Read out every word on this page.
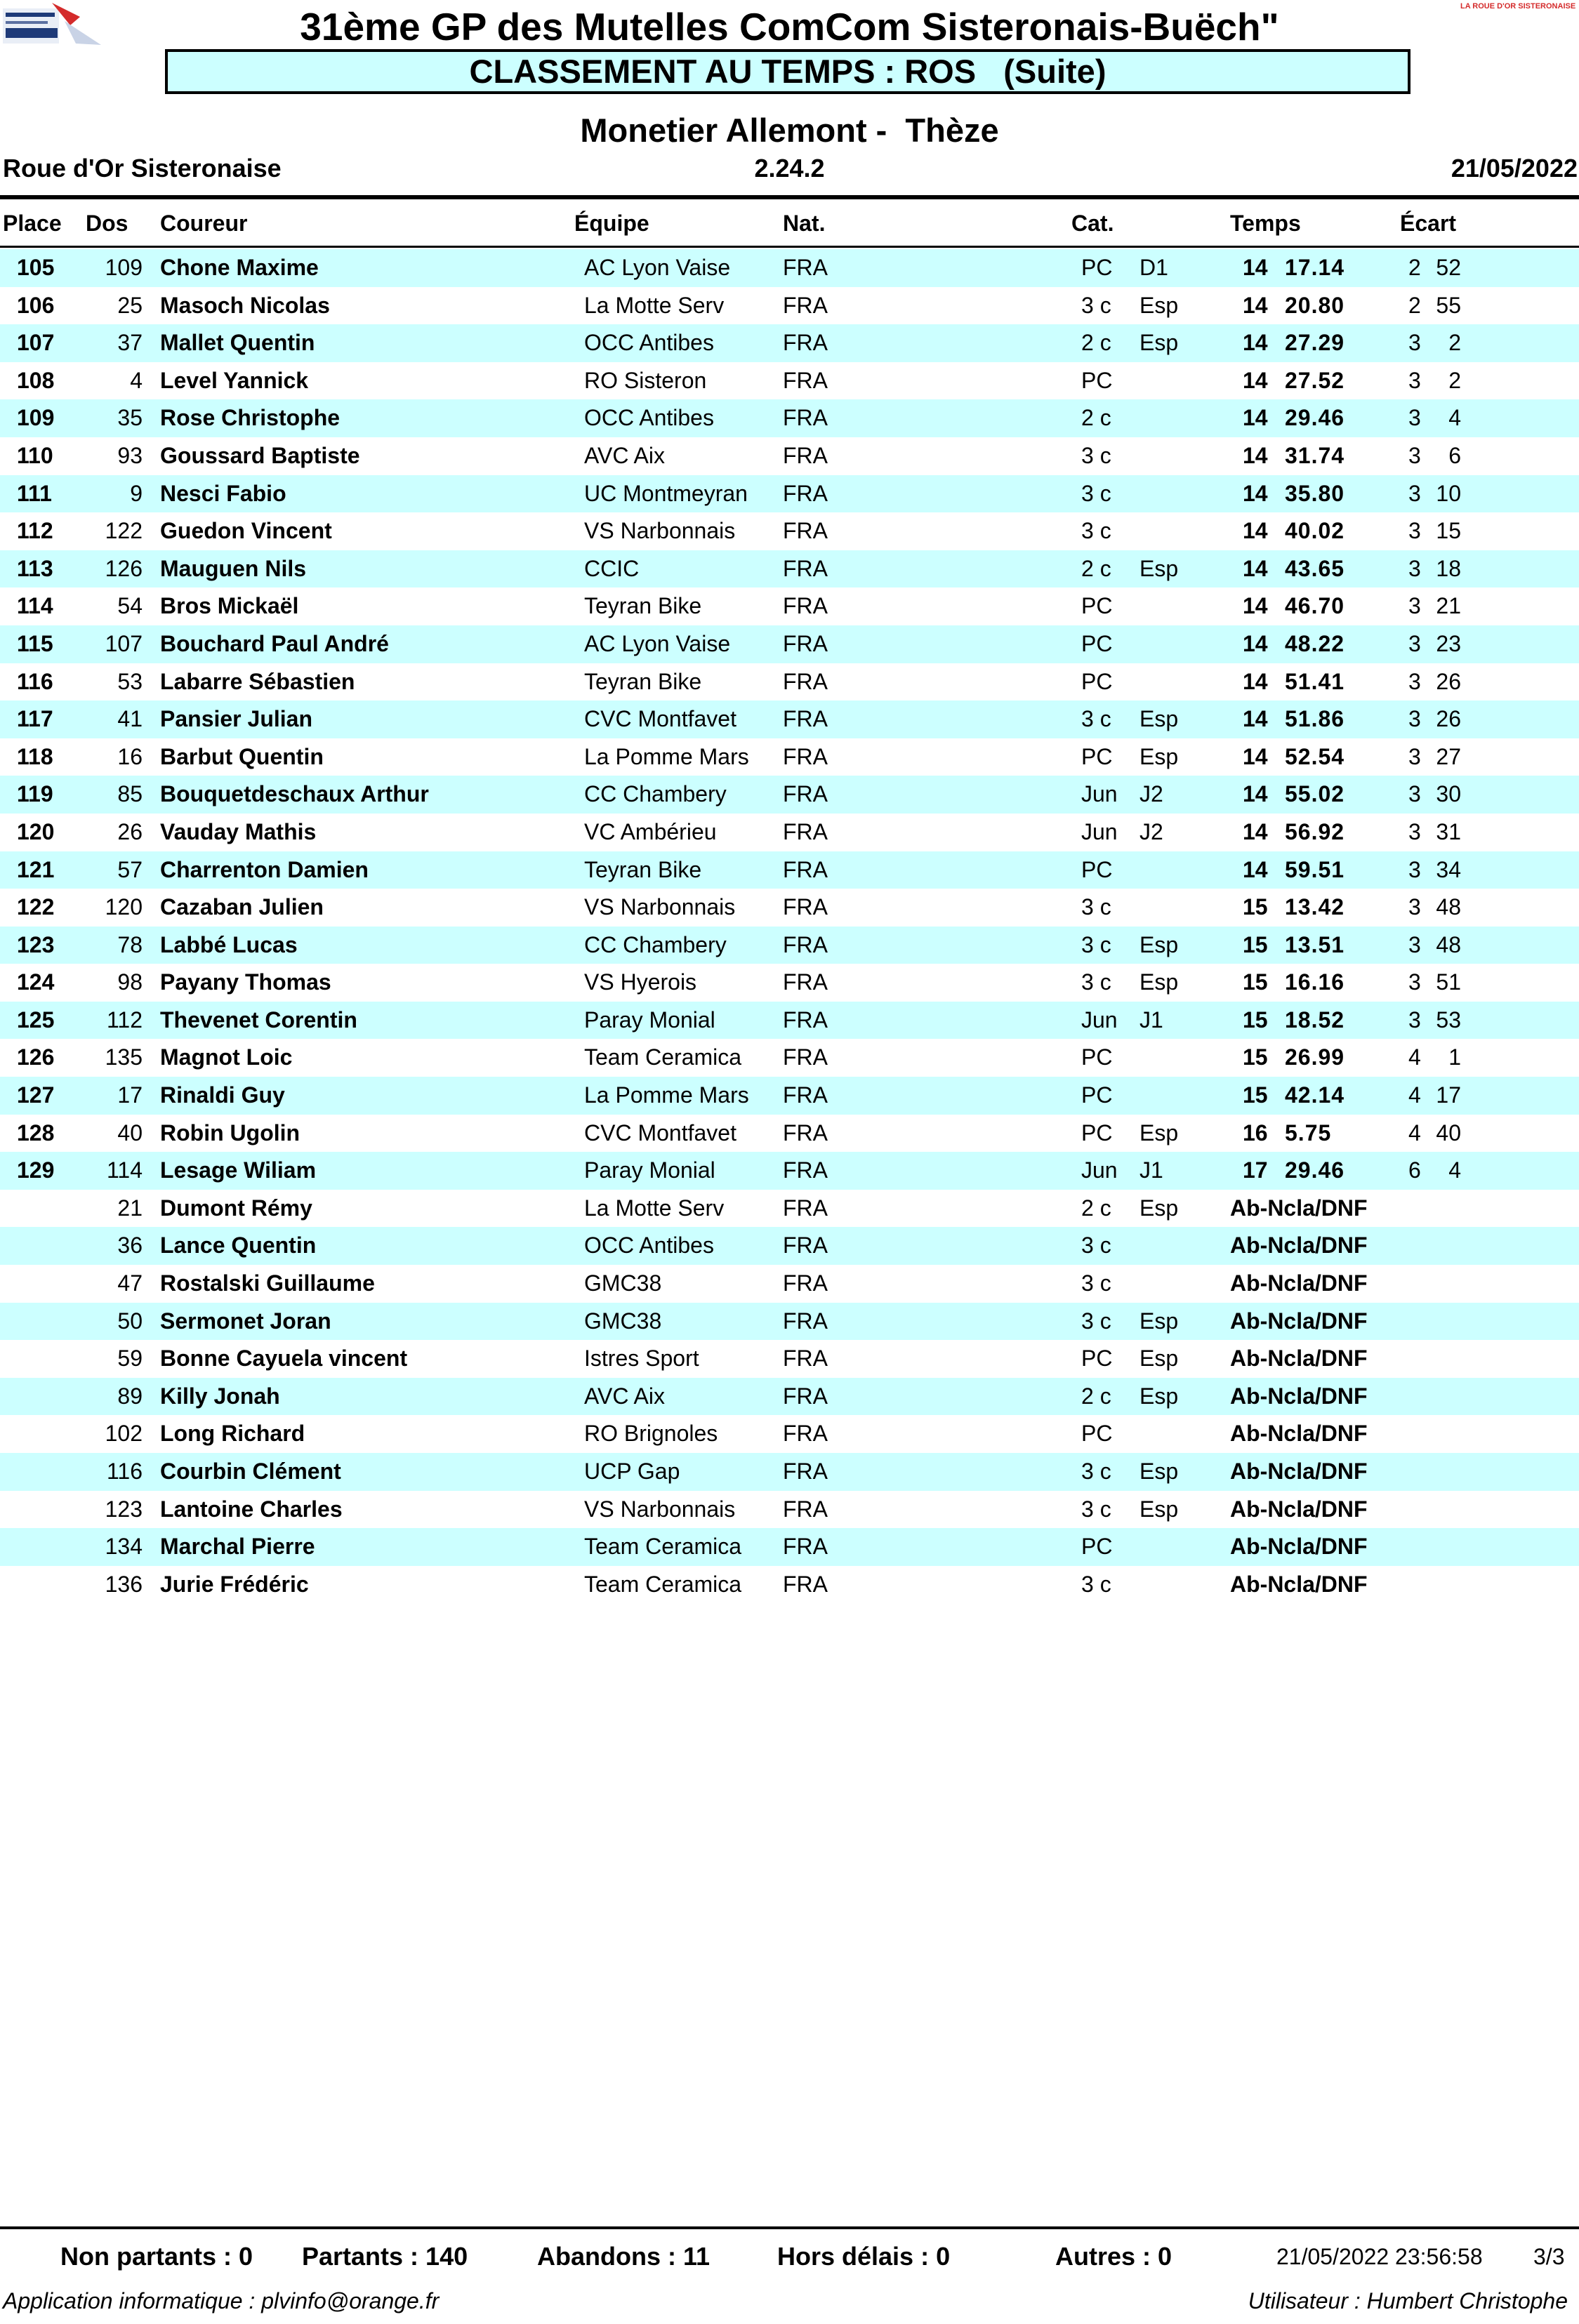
LA ROUE D'OR SISTERONAISE
31ème GP des Mutelles ComCom Sisteronais-Buëch"
CLASSEMENT AU TEMPS : ROS   (Suite)
Monetier Allemont -  Thèze
Roue d'Or Sisteronaise	2.24.2	21/05/2022
Place Dos Coureur	Équipe	Nat.	Cat.	Temps	Écart
105 109 Chone Maxime	AC Lyon Vaise FRA	PC D1	14 17.14	2 52
106	25 Masoch Nicolas	La Motte Serv	FRA	3 c Esp	14 20.80	2 55
107	37 Mallet Quentin	OCC Antibes	FRA	2 c Esp	14 27.29	3 2
108	4 Level Yannick	RO Sisteron	FRA	PC	14 27.52	3 2
109	35 Rose Christophe	OCC Antibes	FRA	2 c	14 29.46	3 4
110	93 Goussard Baptiste	AVC Aix	FRA	3 c	14 31.74	3 6
111	9 Nesci Fabio	UC Montmeyran FRA	3 c	14 35.80	3 10
112 122 Guedon Vincent	VS Narbonnais FRA	3 c	14 40.02	3 15
113 126 Mauguen Nils	CCIC	FRA	2 c Esp	14 43.65	3 18
114	54 Bros Mickaël	Teyran Bike	FRA	PC	14 46.70	3 21
115 107 Bouchard Paul André	AC Lyon Vaise FRA	PC	14 48.22	3 23
116	53 Labarre Sébastien	Teyran Bike	FRA	PC	14 51.41	3 26
117	41 Pansier Julian	CVC Montfavet FRA	3 c Esp	14 51.86	3 26
118	16 Barbut Quentin	La Pomme Mars FRA	PC Esp	14 52.54	3 27
119	85 Bouquetdeschaux Arthur	CC Chambery	FRA	Jun J2	14 55.02	3 30
120	26 Vauday Mathis	VC Ambérieu	FRA	Jun J2	14 56.92	3 31
121	57 Charrenton Damien	Teyran Bike	FRA	PC	14 59.51	3 34
122 120 Cazaban Julien	VS Narbonnais FRA	3 c	15 13.42	3 48
123	78 Labbé Lucas	CC Chambery	FRA	3 c Esp	15 13.51	3 48
124	98 Payany Thomas	VS Hyerois	FRA	3 c Esp	15 16.16	3 51
125 112 Thevenet Corentin	Paray Monial	FRA	Jun J1	15 18.52	3 53
126 135 Magnot Loic	Team Ceramica FRA	PC	15 26.99	4 1
127	17 Rinaldi Guy	La Pomme Mars FRA	PC	15 42.14	4 17
128	40 Robin Ugolin	CVC Montfavet FRA	PC Esp	16 5.75	4 40
129 114 Lesage Wiliam	Paray Monial	FRA	Jun J1	17 29.46	6 4
21 Dumont Rémy	La Motte Serv	FRA	2 c Esp Ab-Ncla/DNF
36 Lance Quentin	OCC Antibes	FRA	3 c	Ab-Ncla/DNF
47 Rostalski Guillaume	GMC38	FRA	3 c	Ab-Ncla/DNF
50 Sermonet Joran	GMC38	FRA	3 c Esp Ab-Ncla/DNF
59 Bonne Cayuela vincent	Istres Sport	FRA	PC Esp Ab-Ncla/DNF
89 Killy Jonah	AVC Aix	FRA	2 c Esp Ab-Ncla/DNF
102 Long Richard	RO Brignoles	FRA	PC	Ab-Ncla/DNF
116 Courbin Clément	UCP Gap	FRA	3 c Esp Ab-Ncla/DNF
123 Lantoine Charles	VS Narbonnais FRA	3 c Esp Ab-Ncla/DNF
134 Marchal Pierre	Team Ceramica FRA	PC	Ab-Ncla/DNF
136 Jurie Frédéric	Team Ceramica FRA	3 c	Ab-Ncla/DNF
Non partants : 0 Partants : 140	Abandons : 11	Hors délais : 0	Autres : 0	21/05/2022 23:56:58 3/3
Application informatique : plvinfo@orange.fr	Utilisateur : Humbert Christophe
